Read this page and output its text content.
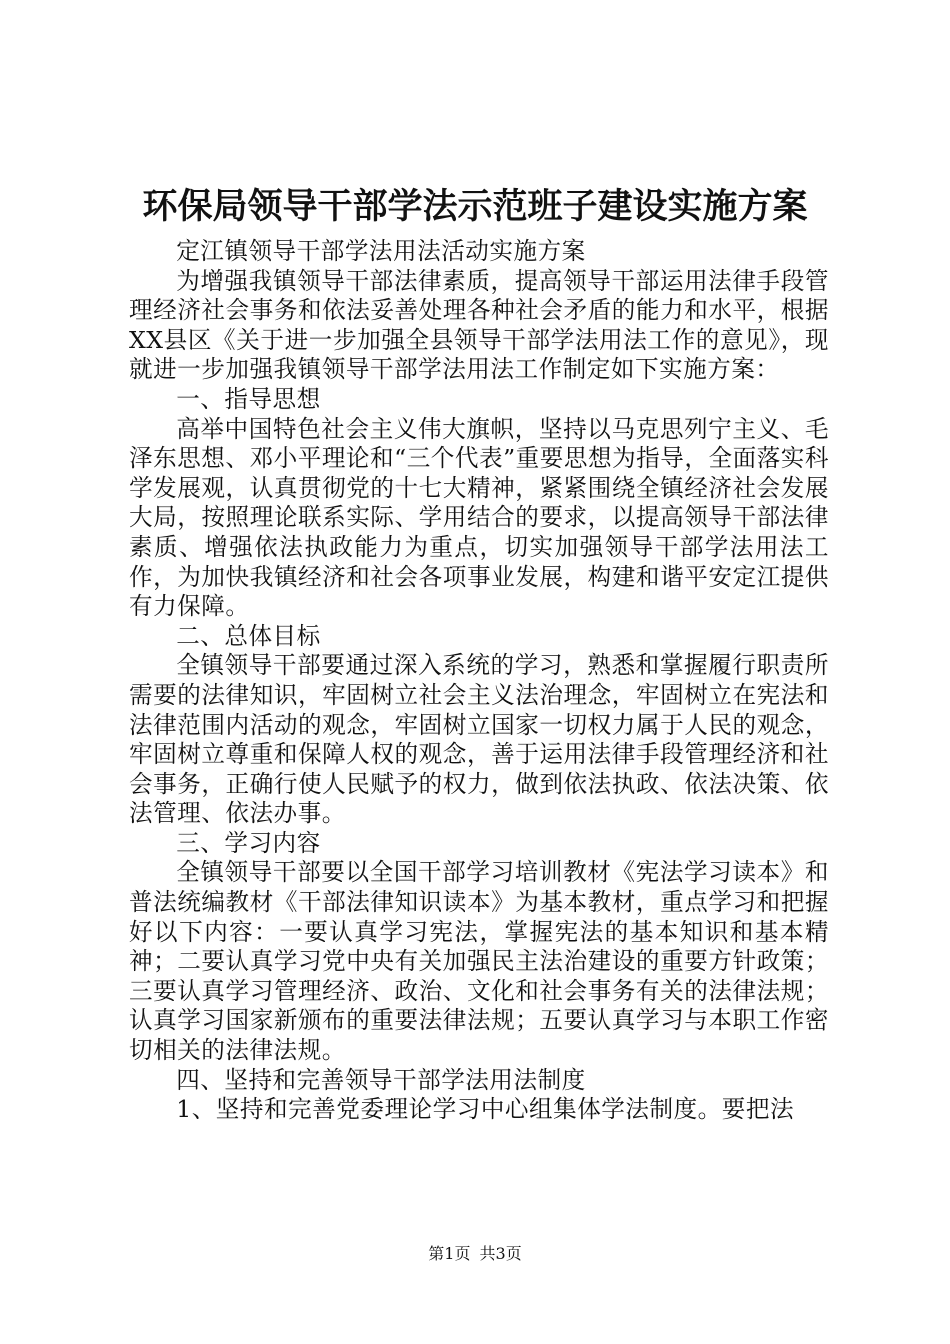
环保局领导干部学法示范班子建设实施方案

定江镇领导干部学法用法活动实施方案

为增强我镇领导干部法律素质，提高领导干部运用法律手段管理经济社会事务和依法妥善处理各种社会矛盾的能力和水平，根据XX县区《关于进一步加强全县领导干部学法用法工作的意见》，现就进一步加强我镇领导干部学法用法工作制定如下实施方案：

一、指导思想

高举中国特色社会主义伟大旗帜，坚持以马克思列宁主义、毛泽东思想、邓小平理论和“三个代表”重要思想为指导，全面落实科学发展观，认真贯彻党的十七大精神，紧紧围绕全镇经济社会发展大局，按照理论联系实际、学用结合的要求，以提高领导干部法律素质、增强依法执政能力为重点，切实加强领导干部学法用法工作，为加快我镇经济和社会各项事业发展，构建和谐平安定江提供有力保障。

二、总体目标

全镇领导干部要通过深入系统的学习，熟悉和掌握履行职责所需要的法律知识，牢固树立社会主义法治理念，牢固树立在宪法和法律范围内活动的观念，牢固树立国家一切权力属于人民的观念，牢固树立尊重和保障人权的观念，善于运用法律手段管理经济和社会事务，正确行使人民赋予的权力，做到依法执政、依法决策、依法管理、依法办事。

三、学习内容

全镇领导干部要以全国干部学习培训教材《宪法学习读本》和普法统编教材《干部法律知识读本》为基本教材，重点学习和把握好以下内容：一要认真学习宪法，掌握宪法的基本知识和基本精神；二要认真学习党中央有关加强民主法治建设的重要方针政策；三要认真学习管理经济、政治、文化和社会事务有关的法律法规；认真学习国家新颁布的重要法律法规；五要认真学习与本职工作密切相关的法律法规。

四、坚持和完善领导干部学法用法制度

1、坚持和完善党委理论学习中心组集体学法制度。要把法

第1页 共3页
